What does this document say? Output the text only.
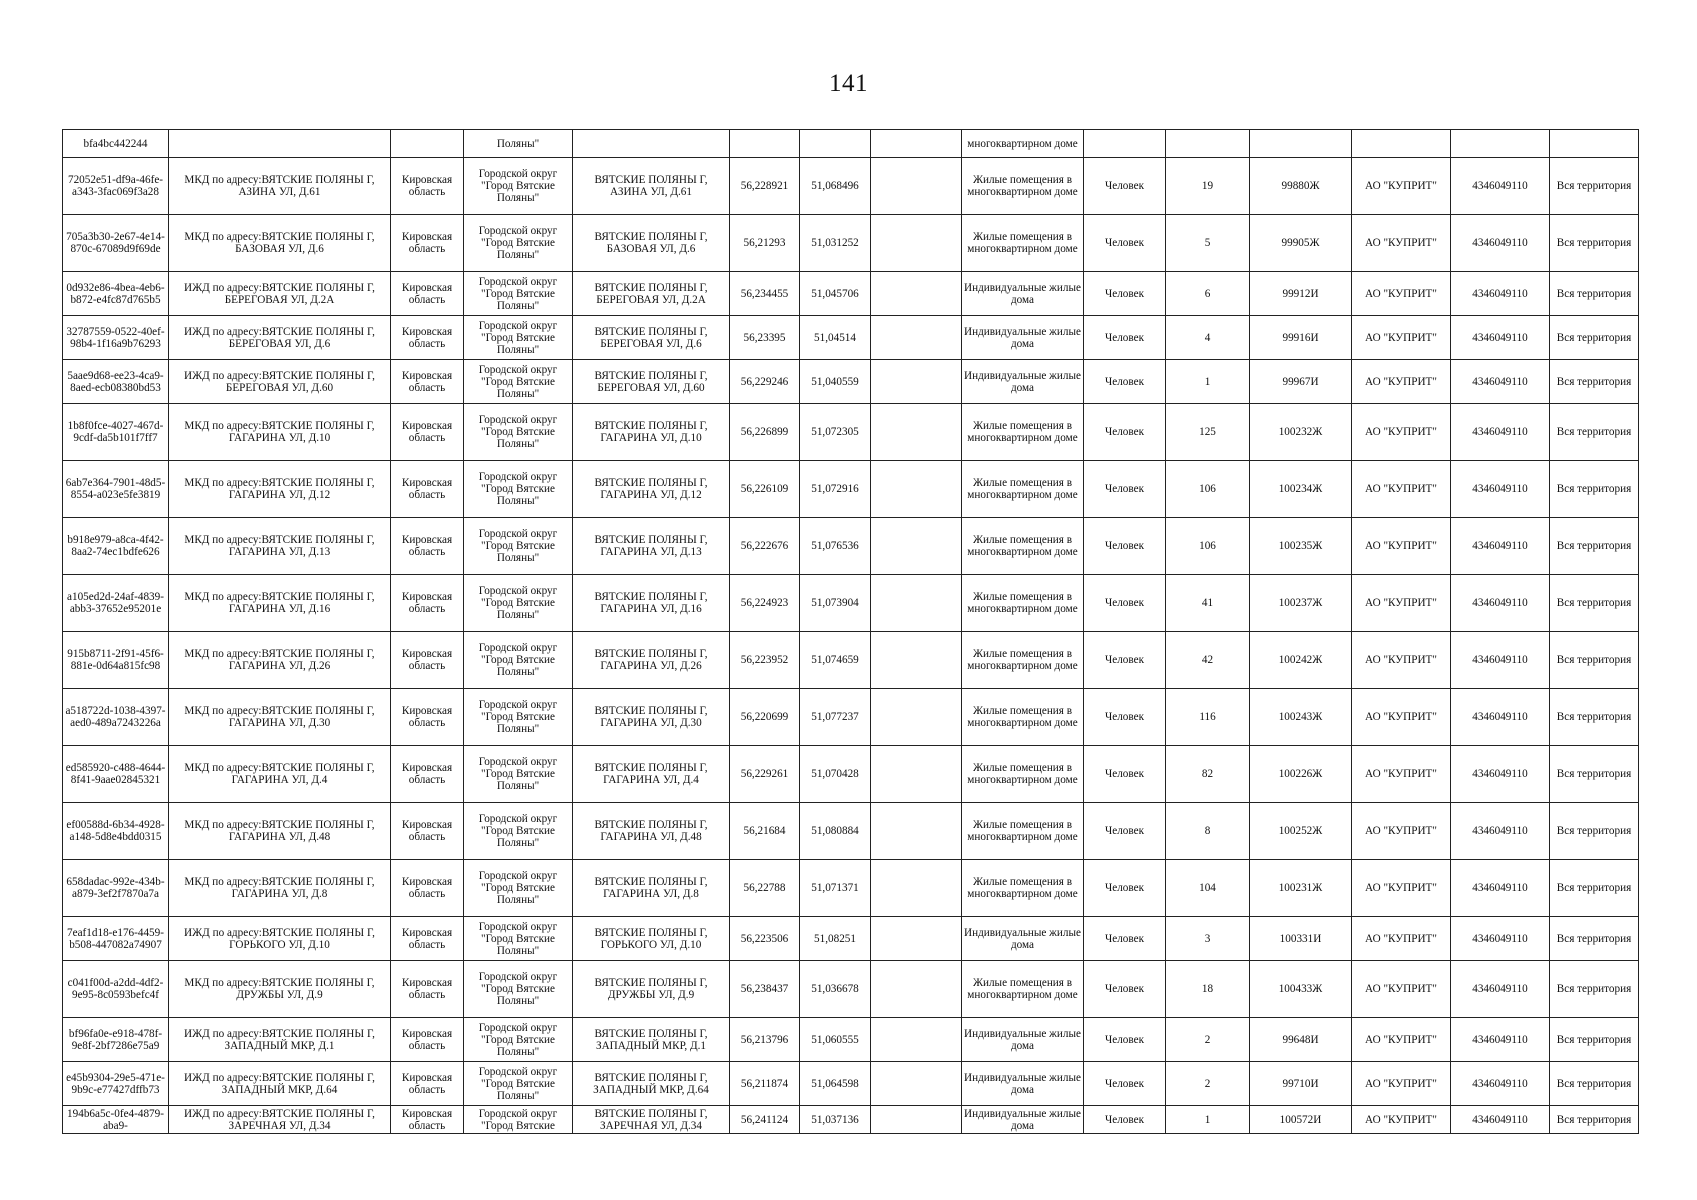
141
bfa4bc442244			Поляны"					многоквартирном доме						
72052e51-df9a-46fe-a343-3fac069f3a28	МКД по адресу:ВЯТСКИЕ ПОЛЯНЫ Г, АЗИНА УЛ, Д.61	Кировская область	Городской округ "Город Вятские Поляны"	ВЯТСКИЕ ПОЛЯНЫ Г, АЗИНА УЛ, Д.61	56,228921	51,068496		Жилые помещения в многоквартирном доме	Человек	19	99880Ж	АО "КУПРИТ"	4346049110	Вся территория
705a3b30-2e67-4e14-870c-67089d9f69de	МКД по адресу:ВЯТСКИЕ ПОЛЯНЫ Г, БАЗОВАЯ УЛ, Д.6	Кировская область	Городской округ "Город Вятские Поляны"	ВЯТСКИЕ ПОЛЯНЫ Г, БАЗОВАЯ УЛ, Д.6	56,21293	51,031252		Жилые помещения в многоквартирном доме	Человек	5	99905Ж	АО "КУПРИТ"	4346049110	Вся территория
0d932e86-4bea-4eb6-b872-e4fc87d765b5	ИЖД по адресу:ВЯТСКИЕ ПОЛЯНЫ Г, БЕРЕГОВАЯ УЛ, Д.2А	Кировская область	Городской округ "Город Вятские Поляны"	ВЯТСКИЕ ПОЛЯНЫ Г, БЕРЕГОВАЯ УЛ, Д.2А	56,234455	51,045706		Индивидуальные жилые дома	Человек	6	99912И	АО "КУПРИТ"	4346049110	Вся территория
32787559-0522-40ef-98b4-1f16a9b76293	ИЖД по адресу:ВЯТСКИЕ ПОЛЯНЫ Г, БЕРЕГОВАЯ УЛ, Д.6	Кировская область	Городской округ "Город Вятские Поляны"	ВЯТСКИЕ ПОЛЯНЫ Г, БЕРЕГОВАЯ УЛ, Д.6	56,23395	51,04514		Индивидуальные жилые дома	Человек	4	99916И	АО "КУПРИТ"	4346049110	Вся территория
5aae9d68-ee23-4ca9-8aed-ecb08380bd53	ИЖД по адресу:ВЯТСКИЕ ПОЛЯНЫ Г, БЕРЕГОВАЯ УЛ, Д.60	Кировская область	Городской округ "Город Вятские Поляны"	ВЯТСКИЕ ПОЛЯНЫ Г, БЕРЕГОВАЯ УЛ, Д.60	56,229246	51,040559		Индивидуальные жилые дома	Человек	1	99967И	АО "КУПРИТ"	4346049110	Вся территория
1b8f0fce-4027-467d-9cdf-da5b101f7ff7	МКД по адресу:ВЯТСКИЕ ПОЛЯНЫ Г, ГАГАРИНА УЛ, Д.10	Кировская область	Городской округ "Город Вятские Поляны"	ВЯТСКИЕ ПОЛЯНЫ Г, ГАГАРИНА УЛ, Д.10	56,226899	51,072305		Жилые помещения в многоквартирном доме	Человек	125	100232Ж	АО "КУПРИТ"	4346049110	Вся территория
6ab7e364-7901-48d5-8554-a023e5fe3819	МКД по адресу:ВЯТСКИЕ ПОЛЯНЫ Г, ГАГАРИНА УЛ, Д.12	Кировская область	Городской округ "Город Вятские Поляны"	ВЯТСКИЕ ПОЛЯНЫ Г, ГАГАРИНА УЛ, Д.12	56,226109	51,072916		Жилые помещения в многоквартирном доме	Человек	106	100234Ж	АО "КУПРИТ"	4346049110	Вся территория
b918e979-a8ca-4f42-8aa2-74ec1bdfe626	МКД по адресу:ВЯТСКИЕ ПОЛЯНЫ Г, ГАГАРИНА УЛ, Д.13	Кировская область	Городской округ "Город Вятские Поляны"	ВЯТСКИЕ ПОЛЯНЫ Г, ГАГАРИНА УЛ, Д.13	56,222676	51,076536		Жилые помещения в многоквартирном доме	Человек	106	100235Ж	АО "КУПРИТ"	4346049110	Вся территория
a105ed2d-24af-4839-abb3-37652e95201e	МКД по адресу:ВЯТСКИЕ ПОЛЯНЫ Г, ГАГАРИНА УЛ, Д.16	Кировская область	Городской округ "Город Вятские Поляны"	ВЯТСКИЕ ПОЛЯНЫ Г, ГАГАРИНА УЛ, Д.16	56,224923	51,073904		Жилые помещения в многоквартирном доме	Человек	41	100237Ж	АО "КУПРИТ"	4346049110	Вся территория
915b8711-2f91-45f6-881e-0d64a815fc98	МКД по адресу:ВЯТСКИЕ ПОЛЯНЫ Г, ГАГАРИНА УЛ, Д.26	Кировская область	Городской округ "Город Вятские Поляны"	ВЯТСКИЕ ПОЛЯНЫ Г, ГАГАРИНА УЛ, Д.26	56,223952	51,074659		Жилые помещения в многоквартирном доме	Человек	42	100242Ж	АО "КУПРИТ"	4346049110	Вся территория
a518722d-1038-4397-aed0-489a7243226a	МКД по адресу:ВЯТСКИЕ ПОЛЯНЫ Г, ГАГАРИНА УЛ, Д.30	Кировская область	Городской округ "Город Вятские Поляны"	ВЯТСКИЕ ПОЛЯНЫ Г, ГАГАРИНА УЛ, Д.30	56,220699	51,077237		Жилые помещения в многоквартирном доме	Человек	116	100243Ж	АО "КУПРИТ"	4346049110	Вся территория
ed585920-c488-4644-8f41-9aae02845321	МКД по адресу:ВЯТСКИЕ ПОЛЯНЫ Г, ГАГАРИНА УЛ, Д.4	Кировская область	Городской округ "Город Вятские Поляны"	ВЯТСКИЕ ПОЛЯНЫ Г, ГАГАРИНА УЛ, Д.4	56,229261	51,070428		Жилые помещения в многоквартирном доме	Человек	82	100226Ж	АО "КУПРИТ"	4346049110	Вся территория
ef00588d-6b34-4928-a148-5d8e4bdd0315	МКД по адресу:ВЯТСКИЕ ПОЛЯНЫ Г, ГАГАРИНА УЛ, Д.48	Кировская область	Городской округ "Город Вятские Поляны"	ВЯТСКИЕ ПОЛЯНЫ Г, ГАГАРИНА УЛ, Д.48	56,21684	51,080884		Жилые помещения в многоквартирном доме	Человек	8	100252Ж	АО "КУПРИТ"	4346049110	Вся территория
658dadac-992e-434b-a879-3ef2f7870a7a	МКД по адресу:ВЯТСКИЕ ПОЛЯНЫ Г, ГАГАРИНА УЛ, Д.8	Кировская область	Городской округ "Город Вятские Поляны"	ВЯТСКИЕ ПОЛЯНЫ Г, ГАГАРИНА УЛ, Д.8	56,22788	51,071371		Жилые помещения в многоквартирном доме	Человек	104	100231Ж	АО "КУПРИТ"	4346049110	Вся территория
7eaf1d18-e176-4459-b508-447082a74907	ИЖД по адресу:ВЯТСКИЕ ПОЛЯНЫ Г, ГОРЬКОГО УЛ, Д.10	Кировская область	Городской округ "Город Вятские Поляны"	ВЯТСКИЕ ПОЛЯНЫ Г, ГОРЬКОГО УЛ, Д.10	56,223506	51,08251		Индивидуальные жилые дома	Человек	3	100331И	АО "КУПРИТ"	4346049110	Вся территория
c041f00d-a2dd-4df2-9e95-8c0593befc4f	МКД по адресу:ВЯТСКИЕ ПОЛЯНЫ Г, ДРУЖБЫ УЛ, Д.9	Кировская область	Городской округ "Город Вятские Поляны"	ВЯТСКИЕ ПОЛЯНЫ Г, ДРУЖБЫ УЛ, Д.9	56,238437	51,036678		Жилые помещения в многоквартирном доме	Человек	18	100433Ж	АО "КУПРИТ"	4346049110	Вся территория
bf96fa0e-e918-478f-9e8f-2bf7286e75a9	ИЖД по адресу:ВЯТСКИЕ ПОЛЯНЫ Г, ЗАПАДНЫЙ МКР, Д.1	Кировская область	Городской округ "Город Вятские Поляны"	ВЯТСКИЕ ПОЛЯНЫ Г, ЗАПАДНЫЙ МКР, Д.1	56,213796	51,060555		Индивидуальные жилые дома	Человек	2	99648И	АО "КУПРИТ"	4346049110	Вся территория
e45b9304-29e5-471e-9b9c-e77427dffb73	ИЖД по адресу:ВЯТСКИЕ ПОЛЯНЫ Г, ЗАПАДНЫЙ МКР, Д.64	Кировская область	Городской округ "Город Вятские Поляны"	ВЯТСКИЕ ПОЛЯНЫ Г, ЗАПАДНЫЙ МКР, Д.64	56,211874	51,064598		Индивидуальные жилые дома	Человек	2	99710И	АО "КУПРИТ"	4346049110	Вся территория
194b6a5c-0fe4-4879-aba9-	ИЖД по адресу:ВЯТСКИЕ ПОЛЯНЫ Г, ЗАРЕЧНАЯ УЛ, Д.34	Кировская область	Городской округ "Город Вятские	ВЯТСКИЕ ПОЛЯНЫ Г, ЗАРЕЧНАЯ УЛ, Д.34	56,241124	51,037136		Индивидуальные жилые дома	Человек	1	100572И	АО "КУПРИТ"	4346049110	Вся территория
